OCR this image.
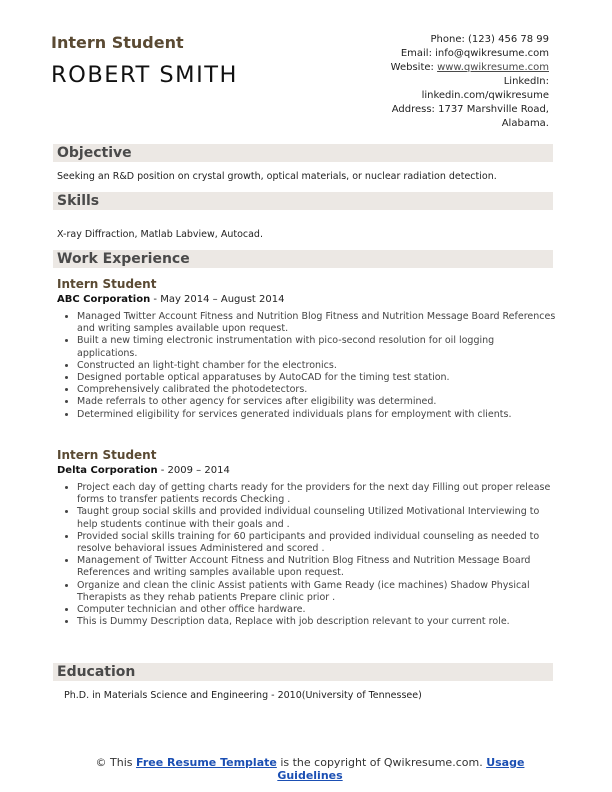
Intern Student
ROBERT SMITH
Phone: (123) 456 78 99
Email: info@qwikresume.com
Website: www.qwikresume.com
LinkedIn:
linkedin.com/qwikresume
Address: 1737 Marshville Road,
Alabama.
Objective
Seeking an R&D position on crystal growth, optical materials, or nuclear radiation detection.
Skills
X-ray Diffraction, Matlab Labview, Autocad.
Work Experience
Intern Student
ABC Corporation - May 2014 – August 2014
• Managed Twitter Account Fitness and Nutrition Blog Fitness and Nutrition Message Board References and writing samples available upon request.
• Built a new timing electronic instrumentation with pico-second resolution for oil logging applications.
• Constructed an light-tight chamber for the electronics.
• Designed portable optical apparatuses by AutoCAD for the timing test station.
• Comprehensively calibrated the photodetectors.
• Made referrals to other agency for services after eligibility was determined.
• Determined eligibility for services generated individuals plans for employment with clients.
Intern Student
Delta Corporation - 2009 – 2014
• Project each day of getting charts ready for the providers for the next day Filling out proper release forms to transfer patients records Checking .
• Taught group social skills and provided individual counseling Utilized Motivational Interviewing to help students continue with their goals and .
• Provided social skills training for 60 participants and provided individual counseling as needed to resolve behavioral issues Administered and scored .
• Management of Twitter Account Fitness and Nutrition Blog Fitness and Nutrition Message Board References and writing samples available upon request.
• Organize and clean the clinic Assist patients with Game Ready (ice machines) Shadow Physical Therapists as they rehab patients Prepare clinic prior .
• Computer technician and other office hardware.
• This is Dummy Description data, Replace with job description relevant to your current role.
Education
Ph.D. in Materials Science and Engineering - 2010(University of Tennessee)
© This Free Resume Template is the copyright of Qwikresume.com. Usage Guidelines
